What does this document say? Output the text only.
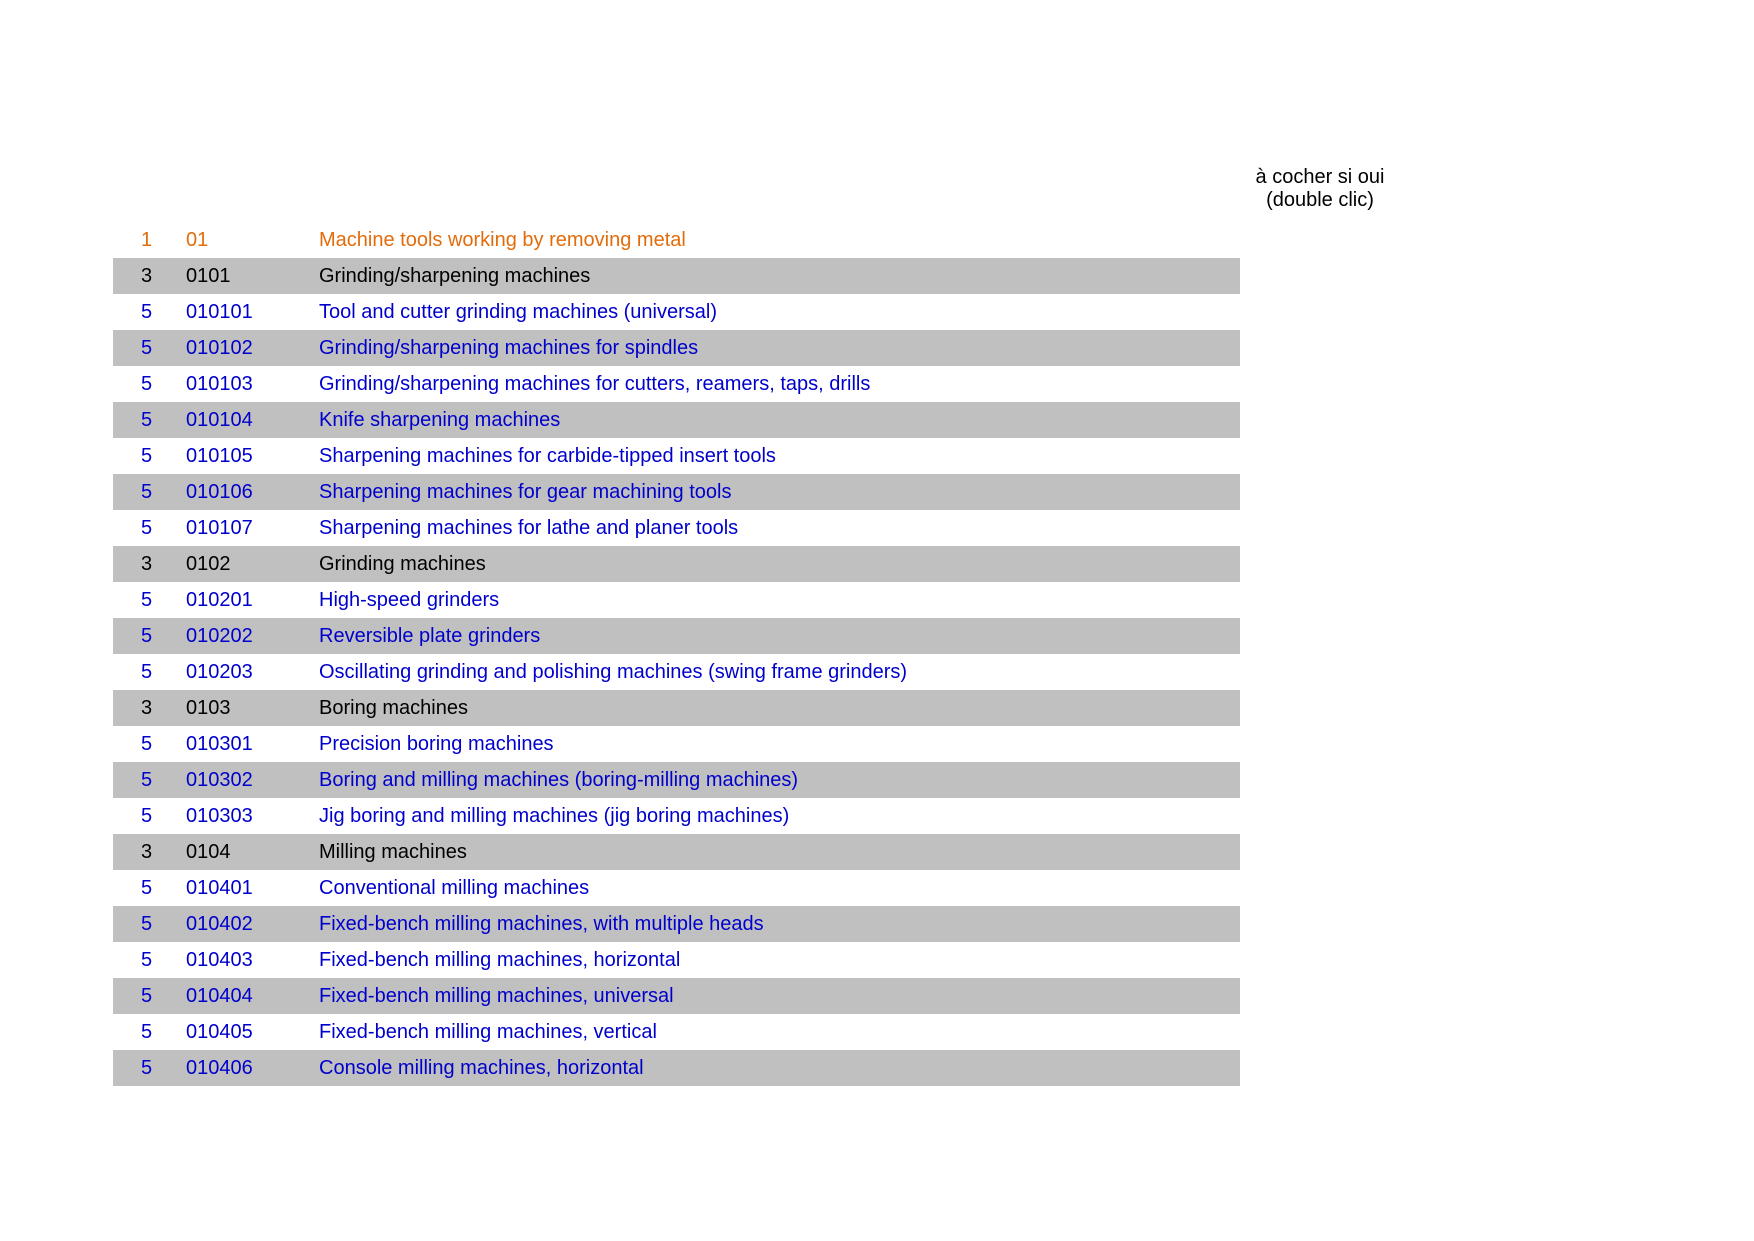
à cocher si oui
(double clic)
1 01	Machine tools working by removing metal
3 0101	Grinding/sharpening machines
5 010101	Tool and cutter grinding machines (universal)
5 010102	Grinding/sharpening machines for spindles
5 010103	Grinding/sharpening machines for cutters, reamers, taps, drills
5 010104	Knife sharpening machines
5 010105	Sharpening machines for carbide-tipped insert tools
5 010106	Sharpening machines for gear machining tools
5 010107	Sharpening machines for lathe and planer tools
3 0102	Grinding machines
5 010201	High-speed grinders
5 010202	Reversible plate grinders
5 010203	Oscillating grinding and polishing machines (swing frame grinders)
3 0103	Boring machines
5 010301	Precision boring machines
5 010302	Boring and milling machines (boring-milling machines)
5 010303	Jig boring and milling machines (jig boring machines)
3 0104	Milling machines
5 010401	Conventional milling machines
5 010402	Fixed-bench milling machines, with multiple heads
5 010403	Fixed-bench milling machines, horizontal
5 010404	Fixed-bench milling machines, universal
5 010405	Fixed-bench milling machines, vertical
5 010406	Console milling machines, horizontal
